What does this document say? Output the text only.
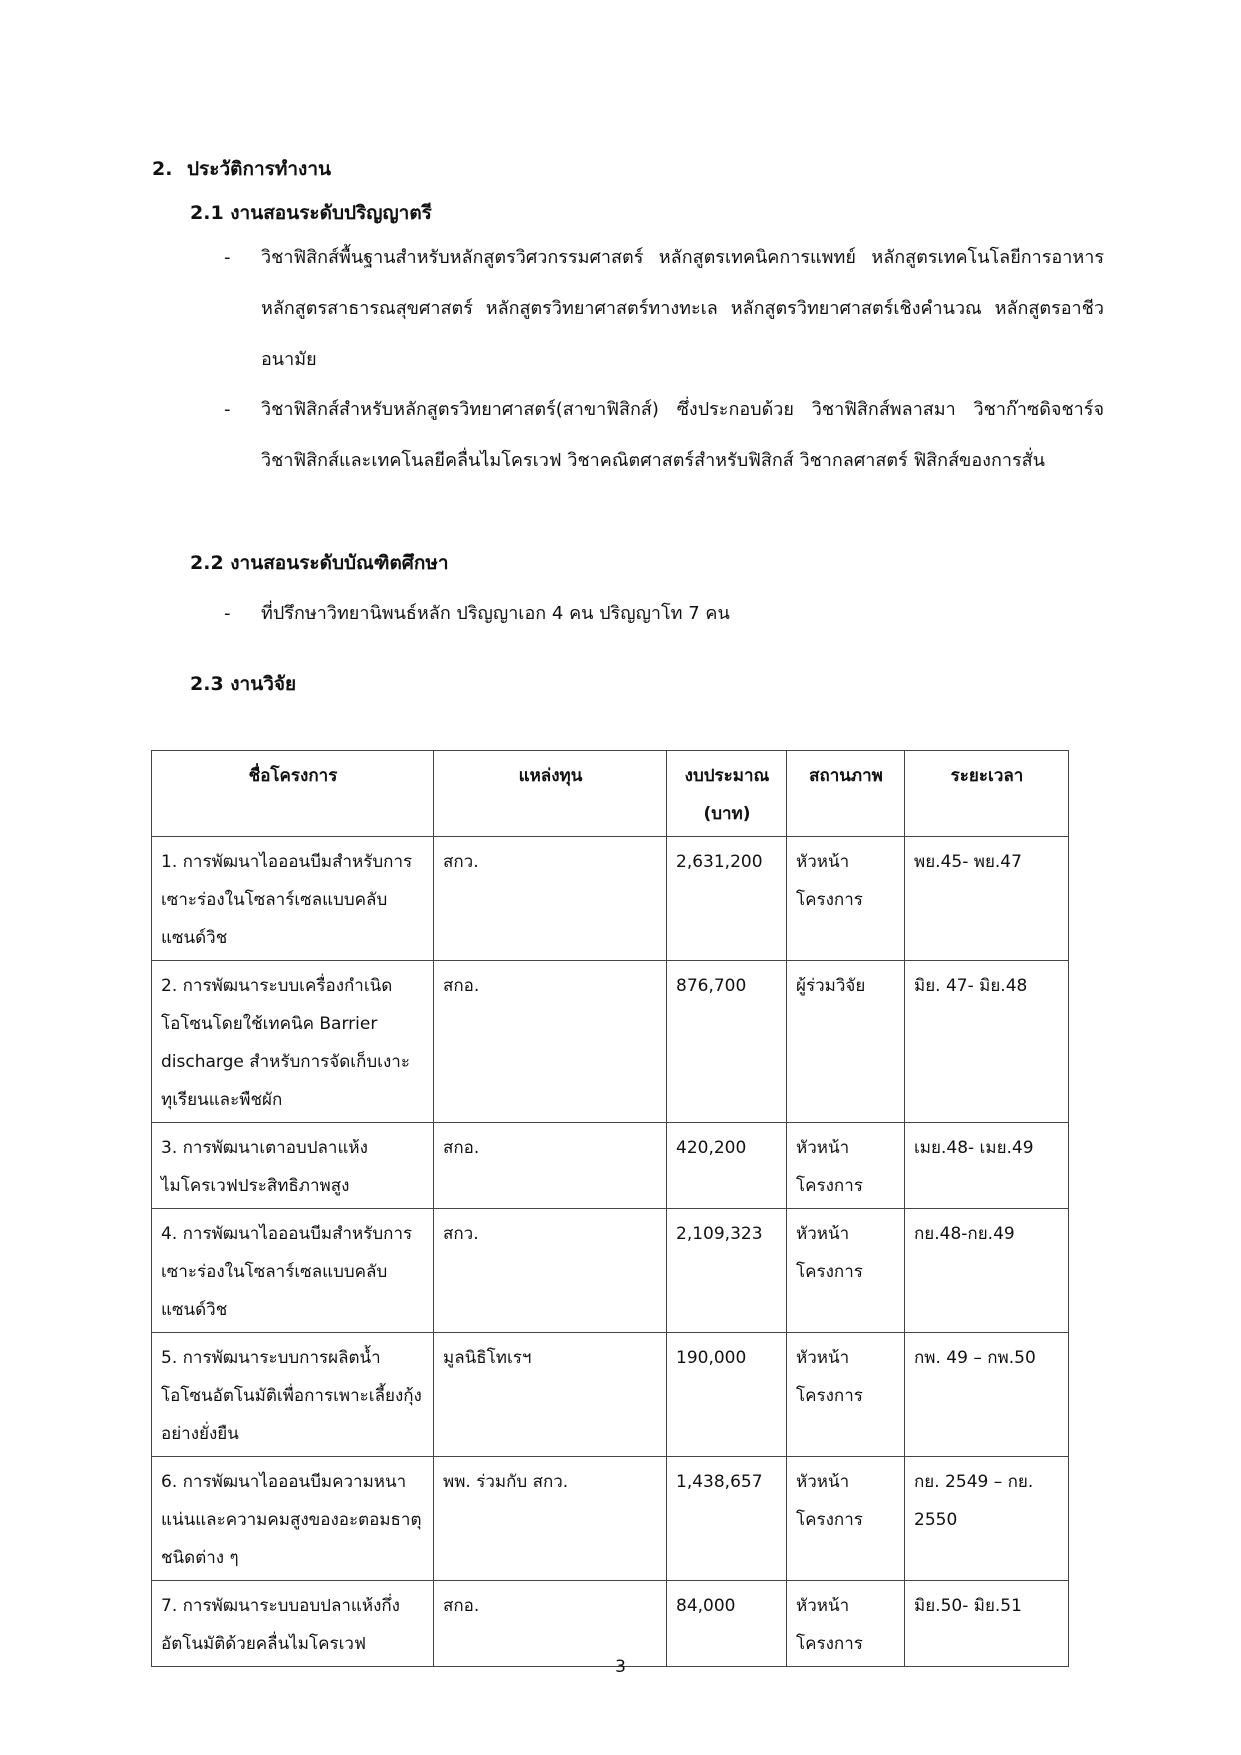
2. ประวัติการทำงาน
2.1 งานสอนระดับปริญญาตรี
- วิชาฟิสิกส์พื้นฐานสำหรับหลักสูตรวิศวกรรมศาสตร์ หลักสูตรเทคนิคการแพทย์ หลักสูตรเทคโนโลยีการอาหาร หลักสูตรสาธารณสุขศาสตร์ หลักสูตรวิทยาศาสตร์ทางทะเล หลักสูตรวิทยาศาสตร์เชิงคำนวณ หลักสูตรอาชีวอนามัย
- วิชาฟิสิกส์สำหรับหลักสูตรวิทยาศาสตร์(สาขาฟิสิกส์) ซึ่งประกอบด้วย วิชาฟิสิกส์พลาสมา วิชาก๊าซดิจชาร์จ วิชาฟิสิกส์และเทคโนลยีคลื่นไมโครเวฟ วิชาคณิตศาสตร์สำหรับฟิสิกส์ วิชากลศาสตร์ ฟิสิกส์ของการสั่น
2.2 งานสอนระดับบัณฑิตศึกษา
- ที่ปรึกษาวิทยานิพนธ์หลัก ปริญญาเอก 4 คน ปริญญาโท 7 คน
2.3 งานวิจัย
ชื่อโครงการ	แหล่งทุน	งบประมาณ (บาท)	สถานภาพ	ระยะเวลา
1. การพัฒนาไอออนบีมสำหรับการเซาะร่องในโซลาร์เซลแบบคลับแซนด์วิช	สกว.	2,631,200	หัวหน้าโครงการ	พย.45- พย.47
2. การพัฒนาระบบเครื่องกำเนิดโอโซนโดยใช้เทคนิค Barrier discharge สำหรับการจัดเก็บเงาะ ทุเรียนและพืชผัก	สกอ.	876,700	ผู้ร่วมวิจัย	มิย. 47- มิย.48
3. การพัฒนาเตาอบปลาแห้งไมโครเวฟประสิทธิภาพสูง	สกอ.	420,200	หัวหน้าโครงการ	เมย.48- เมย.49
4. การพัฒนาไอออนบีมสำหรับการเซาะร่องในโซลาร์เซลแบบคลับแซนด์วิช	สกว.	2,109,323	หัวหน้าโครงการ	กย.48-กย.49
5. การพัฒนาระบบการผลิตน้ำโอโซนอัตโนมัติเพื่อการเพาะเลี้ยงกุ้งอย่างยั่งยืน	มูลนิธิโทเรฯ	190,000	หัวหน้าโครงการ	กพ. 49 – กพ.50
6. การพัฒนาไอออนบีมความหนาแน่นและความคมสูงของอะตอมธาตุชนิดต่าง ๆ	พพ. ร่วมกับ สกว.	1,438,657	หัวหน้าโครงการ	กย. 2549 – กย. 2550
7. การพัฒนาระบบอบปลาแห้งกึ่งอัตโนมัติด้วยคลื่นไมโครเวฟ	สกอ.	84,000	หัวหน้าโครงการ	มิย.50- มิย.51
3
